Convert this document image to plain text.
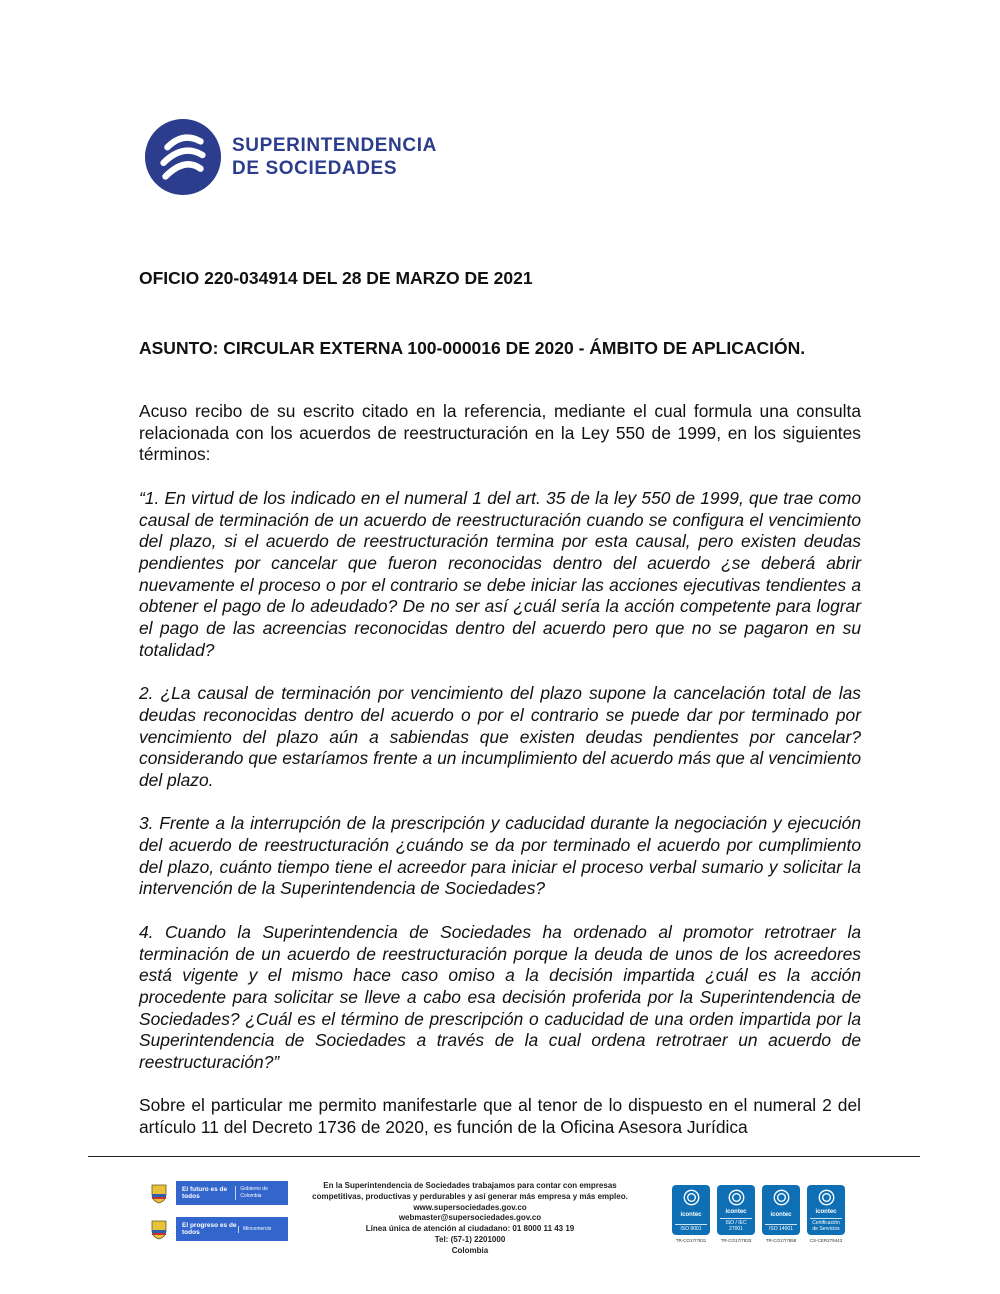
SUPERINTENDENCIA
DE SOCIEDADES
OFICIO 220-034914 DEL 28 DE MARZO DE 2021
ASUNTO: CIRCULAR EXTERNA 100-000016 DE 2020 - ÁMBITO DE APLICACIÓN.

Acuso recibo de su escrito citado en la referencia, mediante el cual formula una consulta relacionada con los acuerdos de reestructuración en la Ley 550 de 1999, en los siguientes términos:

“1. En virtud de los indicado en el numeral 1 del art. 35 de la ley 550 de 1999, que trae como causal de terminación de un acuerdo de reestructuración cuando se configura el vencimiento del plazo, si el acuerdo de reestructuración termina por esta causal, pero existen deudas pendientes por cancelar que fueron reconocidas dentro del acuerdo ¿se deberá abrir nuevamente el proceso o por el contrario se debe iniciar las acciones ejecutivas tendientes a obtener el pago de lo adeudado? De no ser así ¿cuál sería la acción competente para lograr el pago de las acreencias reconocidas dentro del acuerdo pero que no se pagaron en su totalidad?

2. ¿La causal de terminación por vencimiento del plazo supone la cancelación total de las deudas reconocidas dentro del acuerdo o por el contrario se puede dar por terminado por vencimiento del plazo aún a sabiendas que existen deudas pendientes por cancelar? considerando que estaríamos frente a un incumplimiento del acuerdo más que al vencimiento del plazo.

3. Frente a la interrupción de la prescripción y caducidad durante la negociación y ejecución del acuerdo de reestructuración ¿cuándo se da por terminado el acuerdo por cumplimiento del plazo, cuánto tiempo tiene el acreedor para iniciar el proceso verbal sumario y solicitar la intervención de la Superintendencia de Sociedades?

4. Cuando la Superintendencia de Sociedades ha ordenado al promotor retrotraer la terminación de un acuerdo de reestructuración porque la deuda de unos de los acreedores está vigente y el mismo hace caso omiso a la decisión impartida ¿cuál es la acción procedente para solicitar se lleve a cabo esa decisión proferida por la Superintendencia de Sociedades? ¿Cuál es el término de prescripción o caducidad de una orden impartida por la Superintendencia de Sociedades a través de la cual ordena retrotraer un acuerdo de reestructuración?”

Sobre el particular me permito manifestarle que al tenor de lo dispuesto en el numeral 2 del artículo 11 del Decreto 1736 de 2020, es función de la Oficina Asesora Jurídica

El futuro es de todos
Gobierno de Colombia
El progreso es de todos
Mincomercio
En la Superintendencia de Sociedades trabajamos para contar con empresas
competitivas, productivas y perdurables y así generar más empresa y más empleo.
www.supersociedades.gov.co
webmaster@supersociedades.gov.co
Línea única de atención al ciudadano: 01 8000 11 43 19
Tel: (57-1) 2201000
Colombia
icontec
ISO 9001
TR-CO17/7831
icontec
ISO / IEC 27001
TR-CO17/7833
icontec
ISO 14001
TR-CO17/7858
icontec
Certificación de Servicios
CS-CER279443
